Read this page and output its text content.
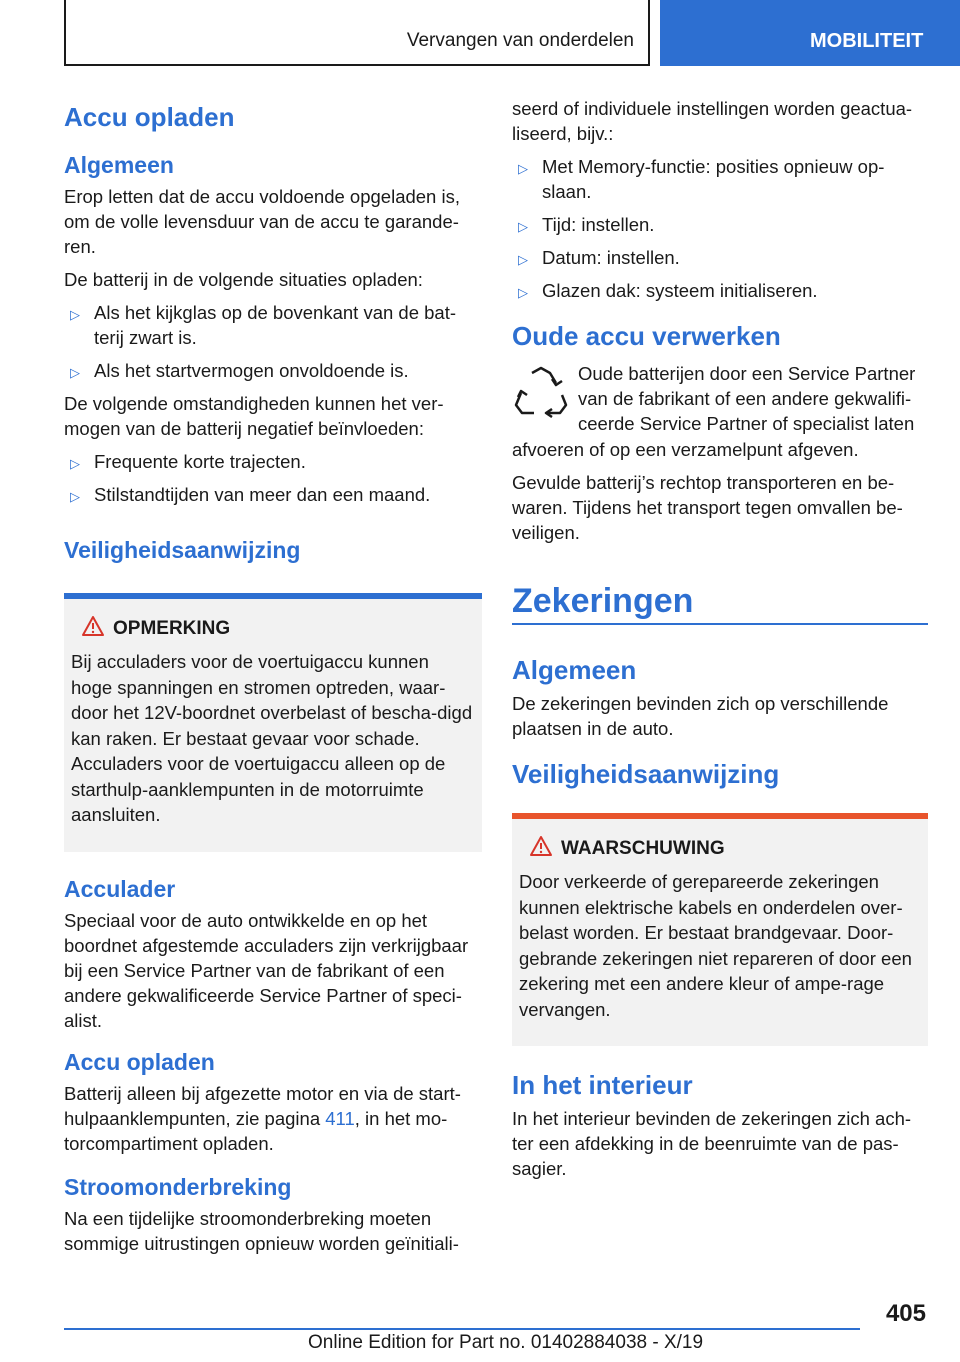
Vervangen van onderdelen	MOBILITEIT
Accu opladen
Algemeen
Erop letten dat de accu voldoende opgeladen is, om de volle levensduur van de accu te garande-ren.
De batterij in de volgende situaties opladen:
▷ Als het kijkglas op de bovenkant van de bat-terij zwart is.
▷ Als het startvermogen onvoldoende is.
De volgende omstandigheden kunnen het ver-mogen van de batterij negatief beïnvloeden:
▷ Frequente korte trajecten.
▷ Stilstandtijden van meer dan een maand.
Veiligheidsaanwijzing
OPMERKING
Bij acculaders voor de voertuigaccu kunnen hoge spanningen en stromen optreden, waar-door het 12V-boordnet overbelast of bescha-digd kan raken. Er bestaat gevaar voor schade. Acculaders voor de voertuigaccu alleen op de starthulp-aanklempunten in de motorruimte aansluiten.
Acculader
Speciaal voor de auto ontwikkelde en op het boordnet afgestemde acculaders zijn verkrijgbaar bij een Service Partner van de fabrikant of een andere gekwalificeerde Service Partner of speci-alist.
Accu opladen
Batterij alleen bij afgezette motor en via de start-hulpaanklempunten, zie pagina 411, in het mo-torcompartiment opladen.
Stroomonderbreking
Na een tijdelijke stroomonderbreking moeten sommige uitrustingen opnieuw worden geïnitiali-
seerd of individuele instellingen worden geactua-liseerd, bijv.:
▷ Met Memory-functie: posities opnieuw op-slaan.
▷ Tijd: instellen.
▷ Datum: instellen.
▷ Glazen dak: systeem initialiseren.
Oude accu verwerken
Oude batterijen door een Service Partner van de fabrikant of een andere gekwalifi-ceerde Service Partner of specialist laten
afvoeren of op een verzamelpunt afgeven.
Gevulde batterij’s rechtop transporteren en be-waren. Tijdens het transport tegen omvallen be-veiligen.
Zekeringen
Algemeen
De zekeringen bevinden zich op verschillende plaatsen in de auto.
Veiligheidsaanwijzing
WAARSCHUWING
Door verkeerde of gerepareerde zekeringen kunnen elektrische kabels en onderdelen over-belast worden. Er bestaat brandgevaar. Door-gebrande zekeringen niet repareren of door een zekering met een andere kleur of ampe-rage vervangen.
In het interieur
In het interieur bevinden de zekeringen zich ach-ter een afdekking in de beenruimte van de pas-sagier.
405
Online Edition for Part no. 01402884038 - X/19
